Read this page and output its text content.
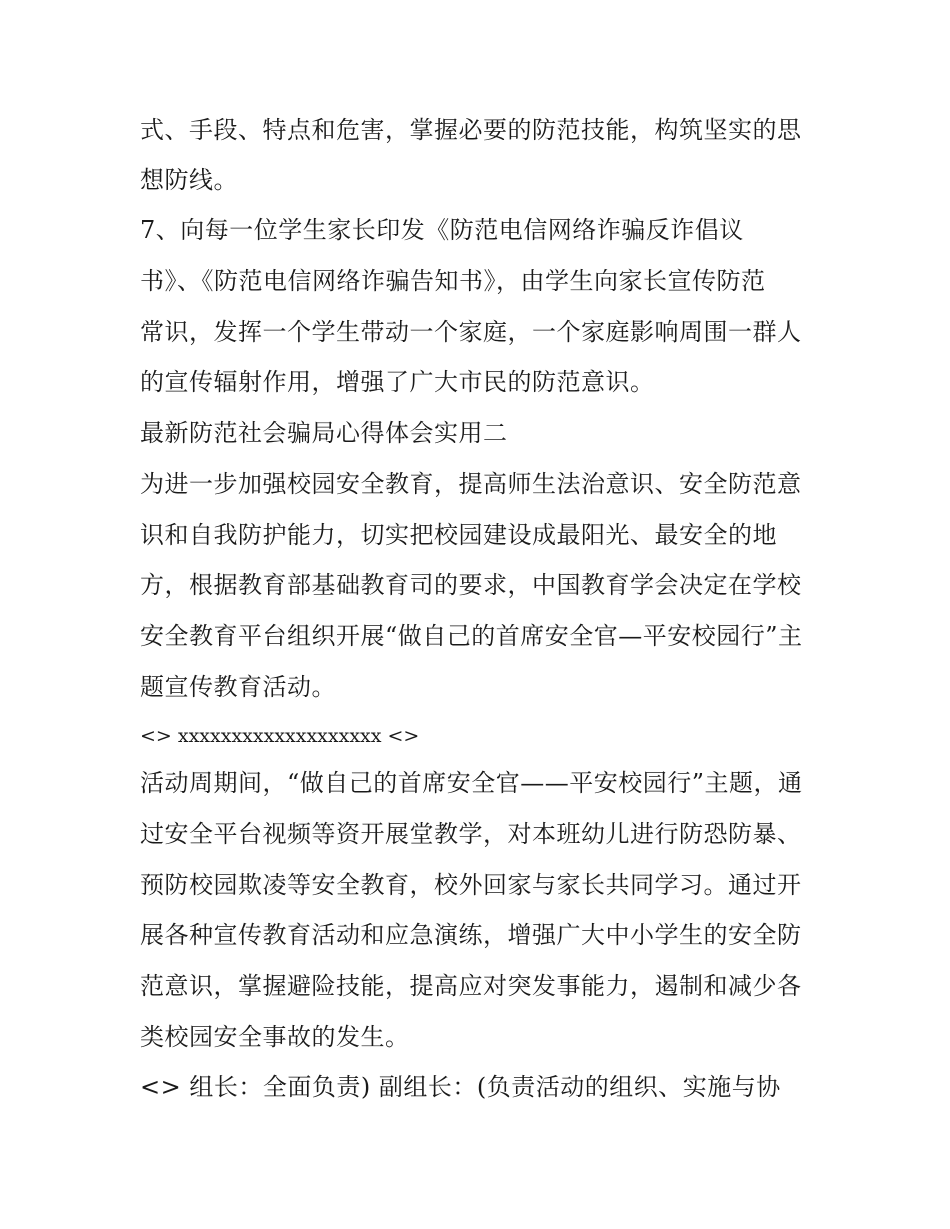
式、手段、特点和危害，掌握必要的防范技能，构筑坚实的思
想防线。
7、向每一位学生家长印发《防范电信网络诈骗反诈倡议
书》、《防范电信网络诈骗告知书》，由学生向家长宣传防范
常识，发挥一个学生带动一个家庭，一个家庭影响周围一群人
的宣传辐射作用，增强了广大市民的防范意识。
最新防范社会骗局心得体会实用二
为进一步加强校园安全教育，提高师生法治意识、安全防范意
识和自我防护能力，切实把校园建设成最阳光、最安全的地
方，根据教育部基础教育司的要求，中国教育学会决定在学校
安全教育平台组织开展“做自己的首席安全官—平安校园行”主
题宣传教育活动。
<> xxxxxxxxxxxxxxxxxxx <>
活动周期间，“做自己的首席安全官——平安校园行”主题，通
过安全平台视频等资开展堂教学，对本班幼儿进行防恐防暴、
预防校园欺凌等安全教育，校外回家与家长共同学习。通过开
展各种宣传教育活动和应急演练，增强广大中小学生的安全防
范意识，掌握避险技能，提高应对突发事能力，遏制和减少各
类校园安全事故的发生。
<> 组长：全面负责) 副组长：(负责活动的组织、实施与协
